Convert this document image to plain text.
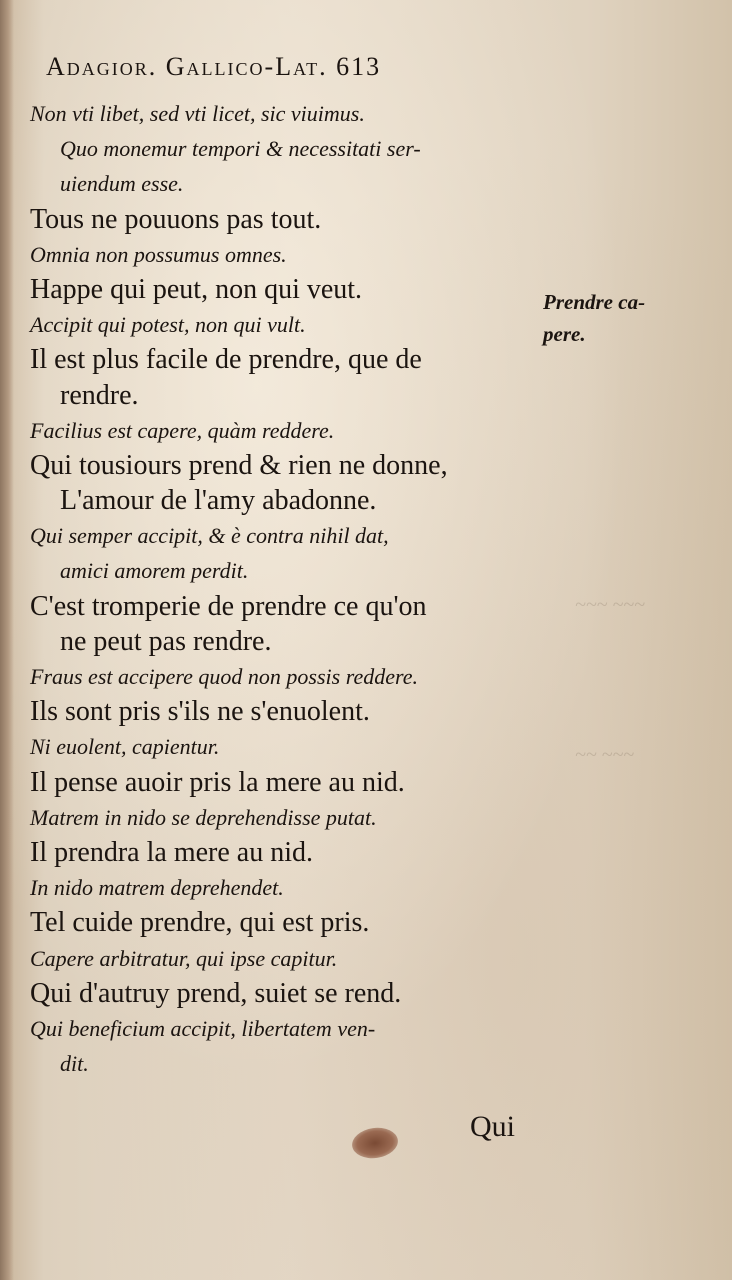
~~~ ~~~
~~ ~~~
Adagior. Gallico-Lat. 613
Non vti libet, sed vti licet, sic viuimus.
Quo monemur tempori & necessitati ser-
uiendum esse.
Tous ne pouuons pas tout.
Omnia non possumus omnes.
Happe qui peut, non qui veut.
Accipit qui potest, non qui vult.
Il est plus facile de prendre, que de
rendre.
Facilius est capere, quàm reddere.
Qui tousiours prend & rien ne donne,
L'amour de l'amy abadonne.
Qui semper accipit, & è contra nihil dat,
amici amorem perdit.
C'est tromperie de prendre ce qu'on
ne peut pas rendre.
Fraus est accipere quod non possis reddere.
Ils sont pris s'ils ne s'enuolent.
Ni euolent, capientur.
Il pense auoir pris la mere au nid.
Matrem in nido se deprehendisse putat.
Il prendra la mere au nid.
In nido matrem deprehendet.
Tel cuide prendre, qui est pris.
Capere arbitratur, qui ipse capitur.
Qui d'autruy prend, suiet se rend.
Qui beneficium accipit, libertatem ven-
dit.
Prendre ca-
pere.
Qui
